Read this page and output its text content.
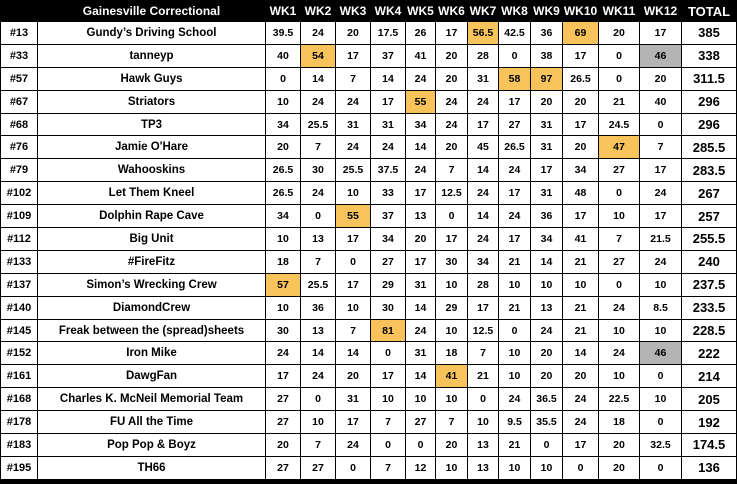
	Gainesville Correctional	WK1	WK2	WK3	WK4	WK5	WK6	WK7	WK8	WK9	WK10	WK11	WK12	TOTAL
#13	Gundy’s Driving School	39.5	24	20	17.5	26	17	56.5	42.5	36	69	20	17	385
#33	tanneyp	40	54	17	37	41	20	28	0	38	17	0	46	338
#57	Hawk Guys	0	14	7	14	24	20	31	58	97	26.5	0	20	311.5
#67	Striators	10	24	24	17	55	24	24	17	20	20	21	40	296
#68	TP3	34	25.5	31	31	34	24	17	27	31	17	24.5	0	296
#76	Jamie O'Hare	20	7	24	24	14	20	45	26.5	31	20	47	7	285.5
#79	Wahooskins	26.5	30	25.5	37.5	24	7	14	24	17	34	27	17	283.5
#102	Let Them Kneel	26.5	24	10	33	17	12.5	24	17	31	48	0	24	267
#109	Dolphin Rape Cave	34	0	55	37	13	0	14	24	36	17	10	17	257
#112	Big Unit	10	13	17	34	20	17	24	17	34	41	7	21.5	255.5
#133	#FireFitz	18	7	0	27	17	30	34	21	14	21	27	24	240
#137	Simon’s Wrecking Crew	57	25.5	17	29	31	10	28	10	10	10	0	10	237.5
#140	DiamondCrew	10	36	10	30	14	29	17	21	13	21	24	8.5	233.5
#145	Freak between the (spread)sheets	30	13	7	81	24	10	12.5	0	24	21	10	10	228.5
#152	Iron Mike	24	14	14	0	31	18	7	10	20	14	24	46	222
#161	DawgFan	17	24	20	17	14	41	21	10	20	20	10	0	214
#168	Charles K. McNeil Memorial Team	27	0	31	10	10	10	0	24	36.5	24	22.5	10	205
#178	FU All the Time	27	10	17	7	27	7	10	9.5	35.5	24	18	0	192
#183	Pop Pop & Boyz	20	7	24	0	0	20	13	21	0	17	20	32.5	174.5
#195	TH66	27	27	0	7	12	10	13	10	10	0	20	0	136
